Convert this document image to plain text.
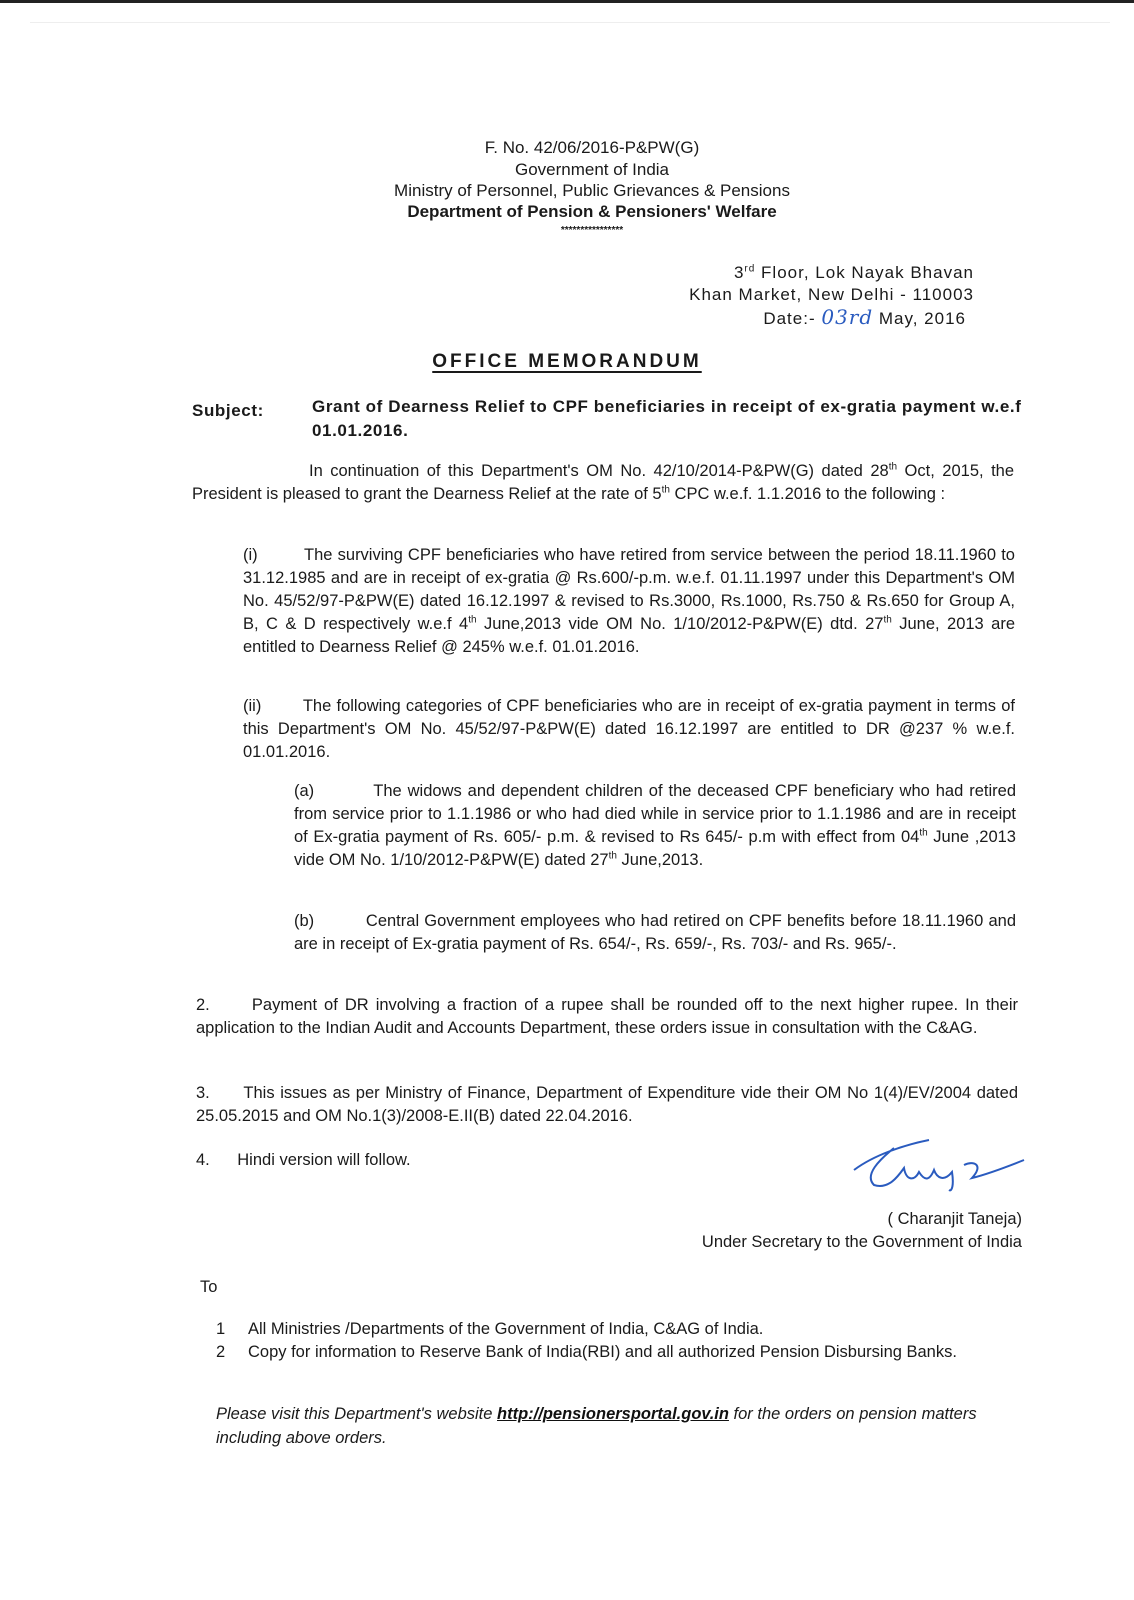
F. No. 42/06/2016-P&PW(G)
Government of India
Ministry of Personnel, Public Grievances & Pensions
Department of Pension & Pensioners' Welfare
****************
3rd Floor, Lok Nayak Bhavan
Khan Market, New Delhi - 110003
Date:- 03rd May, 2016
OFFICE MEMORANDUM
Subject:	Grant of Dearness Relief to CPF beneficiaries in receipt of ex-gratia payment w.e.f 01.01.2016.
In continuation of this Department's OM No. 42/10/2014-P&PW(G) dated 28th Oct, 2015, the President is pleased to grant the Dearness Relief at the rate of 5th CPC w.e.f. 1.1.2016 to the following :
(i)         The surviving CPF beneficiaries who have retired from service between the period 18.11.1960 to 31.12.1985 and are in receipt of ex-gratia @ Rs.600/-p.m. w.e.f. 01.11.1997 under this Department's OM No. 45/52/97-P&PW(E) dated 16.12.1997 & revised to Rs.3000, Rs.1000, Rs.750 & Rs.650 for Group A, B, C & D respectively w.e.f 4th June,2013 vide OM No. 1/10/2012-P&PW(E) dtd. 27th June, 2013 are entitled to Dearness Relief @ 245% w.e.f. 01.01.2016.
(ii)        The following categories of CPF beneficiaries who are in receipt of ex-gratia payment in terms of this Department's OM No. 45/52/97-P&PW(E) dated 16.12.1997 are entitled to DR @237 % w.e.f. 01.01.2016.
(a)          The widows and dependent children of the deceased CPF beneficiary who had retired from service prior to 1.1.1986 or who had died while in service prior to 1.1.1986 and are in receipt of Ex-gratia payment of Rs. 605/- p.m. & revised to Rs 645/- p.m with effect from 04th June ,2013 vide OM No. 1/10/2012-P&PW(E) dated 27th June,2013.
(b)          Central Government employees who had retired on CPF benefits before 18.11.1960 and are in receipt of Ex-gratia payment of Rs. 654/-, Rs. 659/-, Rs. 703/- and Rs. 965/-.
2.      Payment of DR involving a fraction of a rupee shall be rounded off to the next higher rupee. In their application to the Indian Audit and Accounts Department, these orders issue in consultation with the C&AG.
3.      This issues as per Ministry of Finance, Department of Expenditure vide their OM No 1(4)/EV/2004 dated 25.05.2015 and OM No.1(3)/2008-E.II(B) dated 22.04.2016.
4.      Hindi version will follow.
( Charanjit Taneja)
Under Secretary to the Government of India
To
1	All Ministries /Departments of the Government of India, C&AG of India.
2	Copy for information to Reserve Bank of India(RBI) and all authorized Pension Disbursing Banks.
Please visit this Department's website http://pensionersportal.gov.in for the orders on pension matters including above orders.
